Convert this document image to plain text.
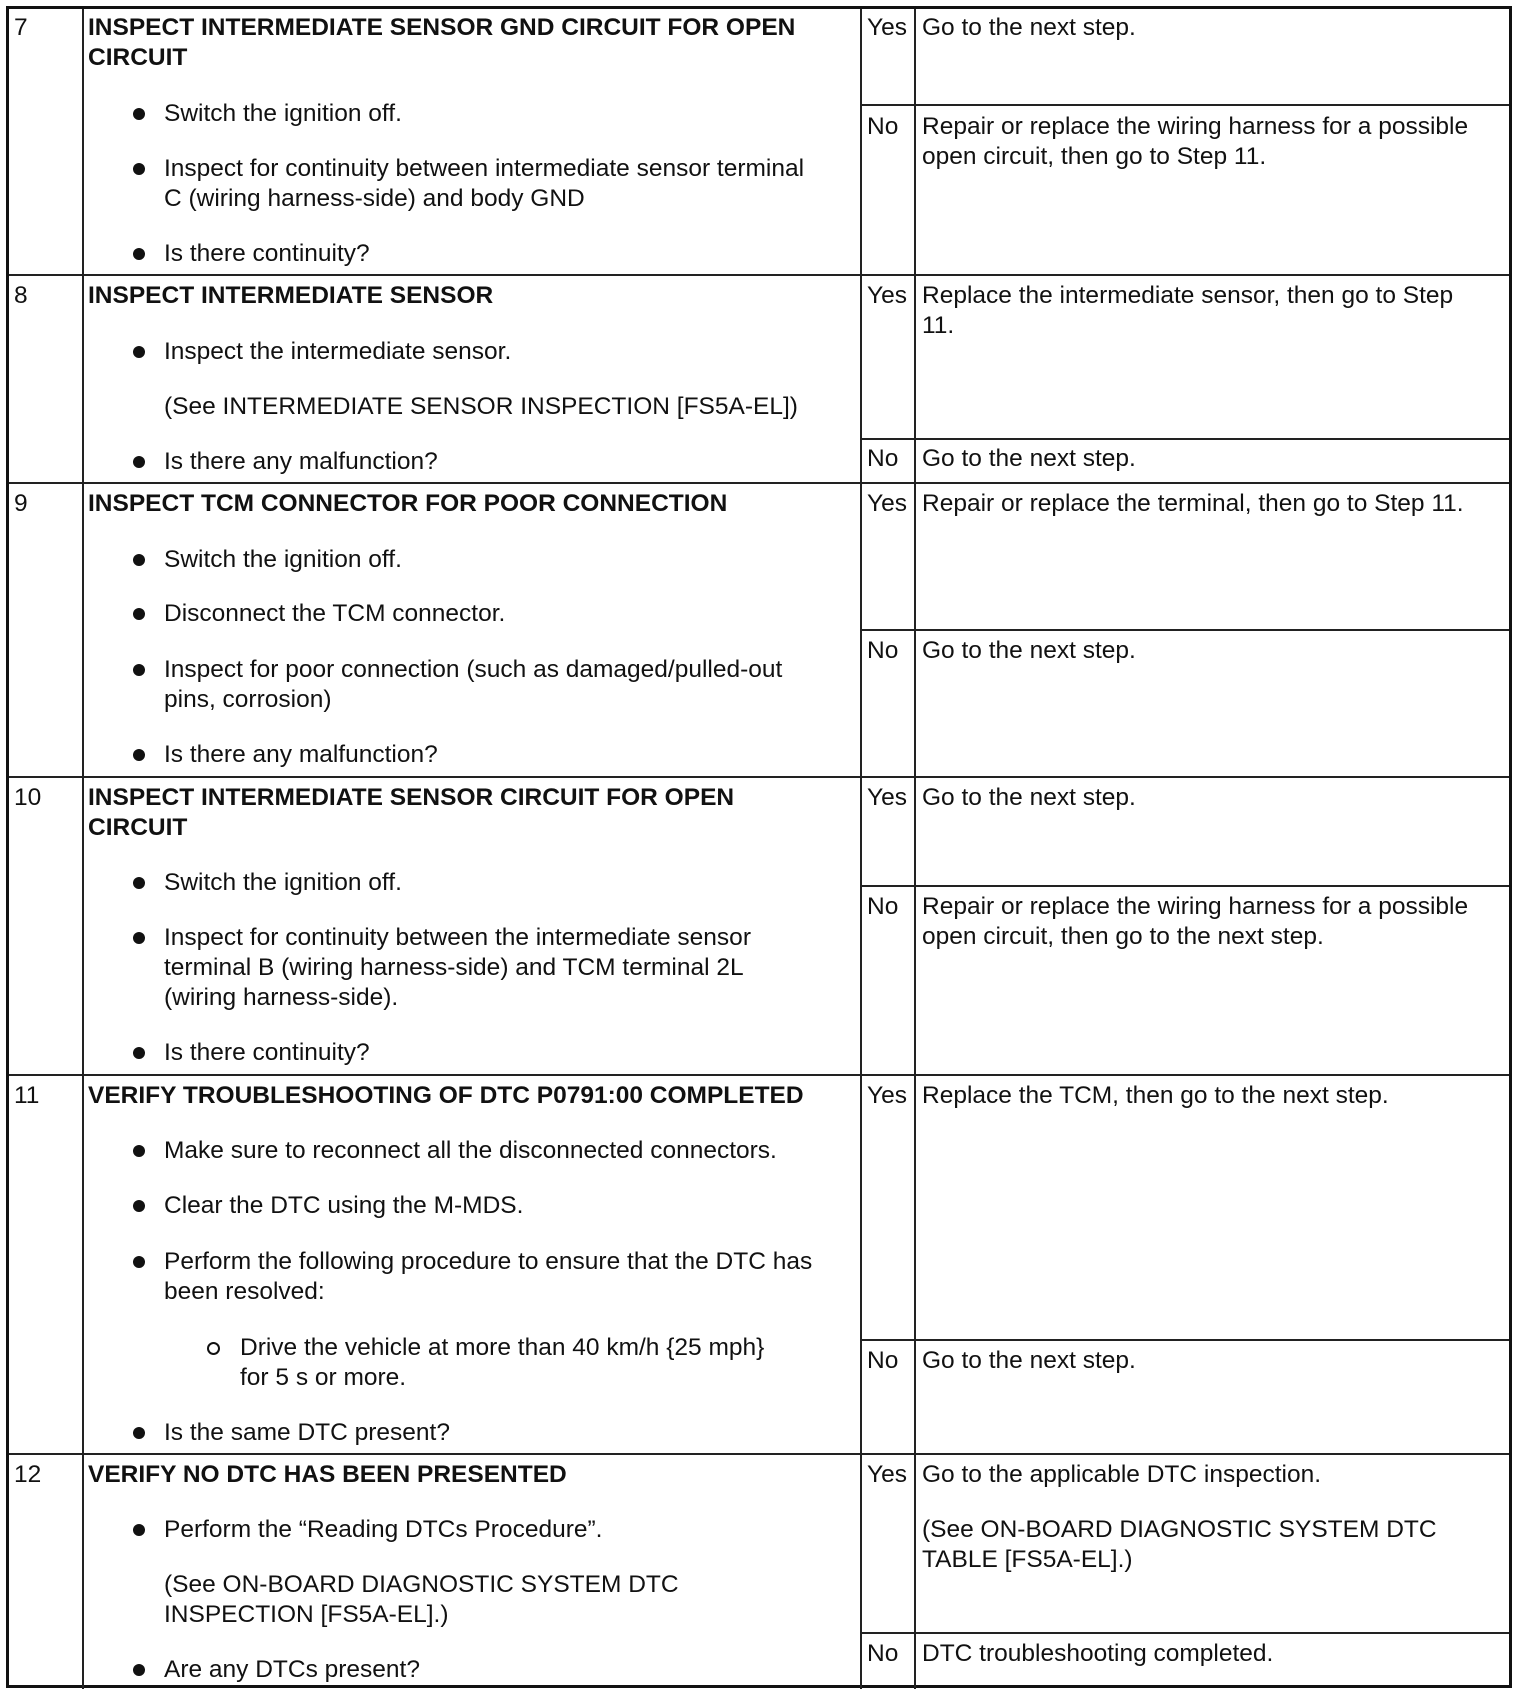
7 INSPECT INTERMEDIATE SENSOR GND CIRCUIT FOR OPEN
CIRCUIT
Switch the ignition off.
Inspect for continuity between intermediate sensor terminal
C (wiring harness-side) and body GND
Is there continuity?
Yes
No
Go to the next step.
Repair or replace the wiring harness for a possible
open circuit, then go to Step 11.
8 INSPECT INTERMEDIATE SENSOR
Inspect the intermediate sensor.
(See INTERMEDIATE SENSOR INSPECTION [FS5A-EL])
Is there any malfunction?
Yes
No
Replace the intermediate sensor, then go to Step
11.
Go to the next step.
9 INSPECT TCM CONNECTOR FOR POOR CONNECTION
Switch the ignition off.
Disconnect the TCM connector.
Inspect for poor connection (such as damaged/pulled-out
pins, corrosion)
Is there any malfunction?
Yes
No
Repair or replace the terminal, then go to Step 11.
Go to the next step.
10 INSPECT INTERMEDIATE SENSOR CIRCUIT FOR OPEN
CIRCUIT
Switch the ignition off.
Inspect for continuity between the intermediate sensor
terminal B (wiring harness-side) and TCM terminal 2L
(wiring harness-side).
Is there continuity?
Yes
No
Go to the next step.
Repair or replace the wiring harness for a possible
open circuit, then go to the next step.
11 VERIFY TROUBLESHOOTING OF DTC P0791:00 COMPLETED
Make sure to reconnect all the disconnected connectors.
Clear the DTC using the M-MDS.
Perform the following procedure to ensure that the DTC has
been resolved:
Drive the vehicle at more than 40 km/h {25 mph}
for 5 s or more.
Is the same DTC present?
Yes
No
Replace the TCM, then go to the next step.
Go to the next step.
12 VERIFY NO DTC HAS BEEN PRESENTED
Perform the “Reading DTCs Procedure”.
(See ON-BOARD DIAGNOSTIC SYSTEM DTC
INSPECTION [FS5A-EL].)
Are any DTCs present?
Yes
No
Go to the applicable DTC inspection.
(See ON-BOARD DIAGNOSTIC SYSTEM DTC
TABLE [FS5A-EL].)
DTC troubleshooting completed.
